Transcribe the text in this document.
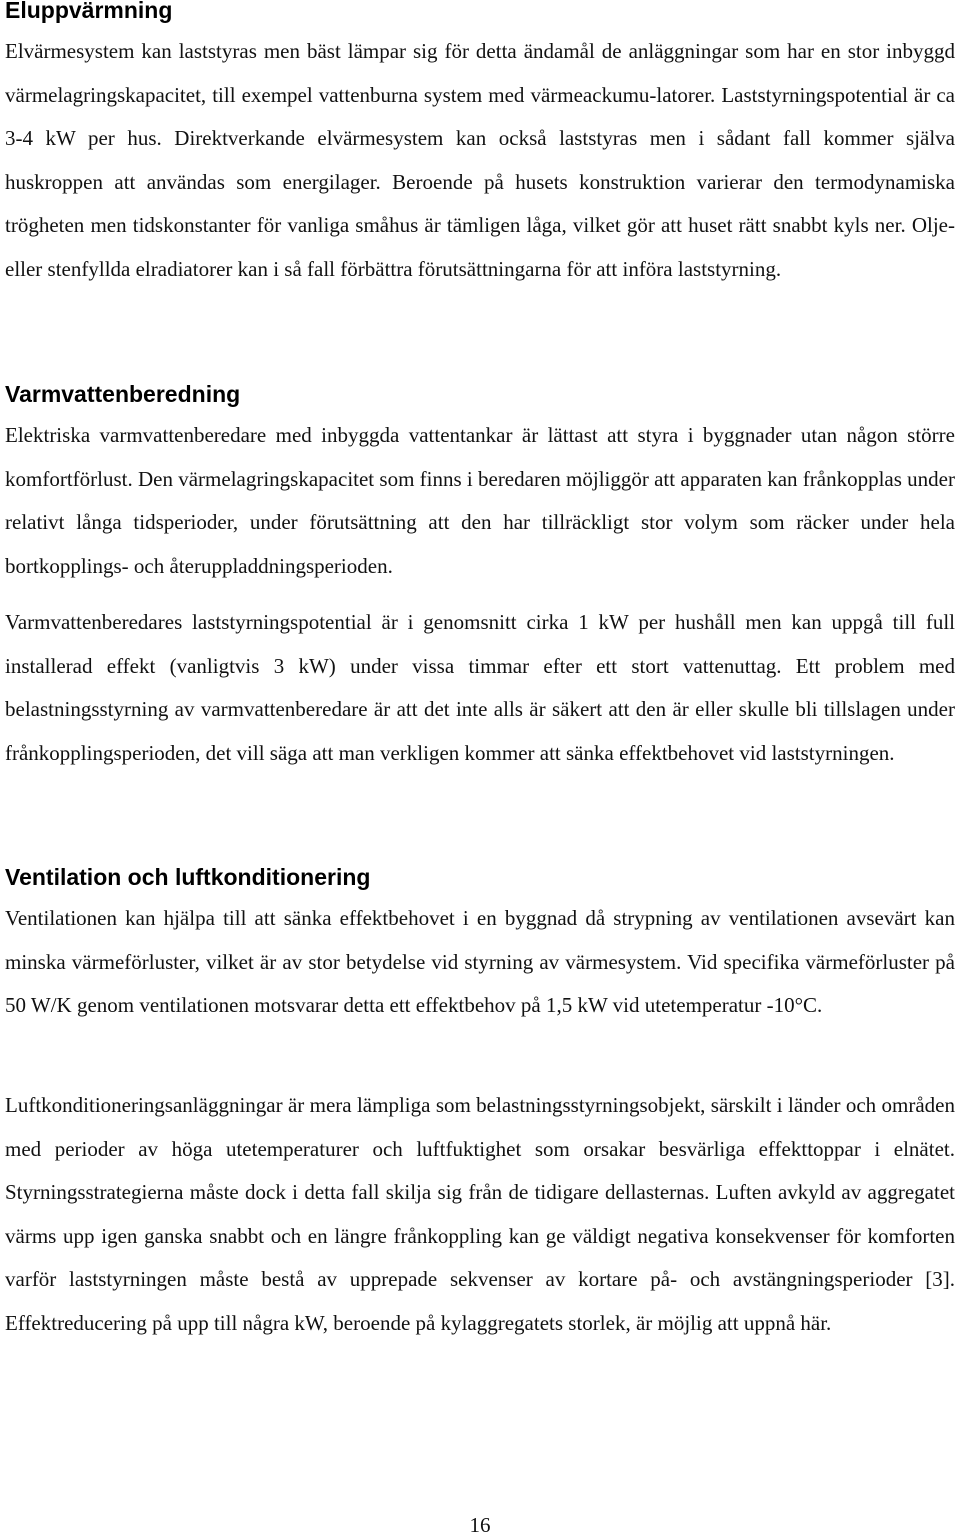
Eluppvärmning

Elvärmesystem kan laststyras men bäst lämpar sig för detta ändamål de anläggningar som har en stor inbyggd värmelagringskapacitet, till exempel vattenburna system med värmeackumu-latorer. Laststyrningspotential är ca 3-4 kW per hus. Direktverkande elvärmesystem kan också laststyras men i sådant fall kommer själva huskroppen att användas som energilager. Beroende på husets konstruktion varierar den termodynamiska trögheten men tidskonstanter för vanliga småhus är tämligen låga, vilket gör att huset rätt snabbt kyls ner. Olje- eller stenfyllda elradiatorer kan i så fall förbättra förutsättningarna för att införa laststyrning.

Varmvattenberedning

Elektriska varmvattenberedare med inbyggda vattentankar är lättast att styra i byggnader utan någon större komfortförlust. Den värmelagringskapacitet som finns i beredaren möjliggör att apparaten kan frånkopplas under relativt långa tidsperioder, under förutsättning att den har tillräckligt stor volym som räcker under hela bortkopplings- och återuppladdningsperioden.

Varmvattenberedares laststyrningspotential är i genomsnitt cirka 1 kW per hushåll men kan uppgå till full installerad effekt (vanligtvis 3 kW) under vissa timmar efter ett stort vattenuttag. Ett problem med belastningsstyrning av varmvattenberedare är att det inte alls är säkert att den är eller skulle bli tillslagen under frånkopplingsperioden, det vill säga att man verkligen kommer att sänka effektbehovet vid laststyrningen.

Ventilation och luftkonditionering

Ventilationen kan hjälpa till att sänka effektbehovet i en byggnad då strypning av ventilationen avsevärt kan minska värmeförluster, vilket är av stor betydelse vid styrning av värmesystem. Vid specifika värmeförluster på 50 W/K genom ventilationen motsvarar detta ett effektbehov på 1,5 kW vid utetemperatur -10°C.

Luftkonditioneringsanläggningar är mera lämpliga som belastningsstyrningsobjekt, särskilt i länder och områden med perioder av höga utetemperaturer och luftfuktighet som orsakar besvärliga effekttoppar i elnätet. Styrningsstrategierna måste dock i detta fall skilja sig från de tidigare dellasternas. Luften avkyld av aggregatet värms upp igen ganska snabbt och en längre frånkoppling kan ge väldigt negativa konsekvenser för komforten varför laststyrningen måste bestå av upprepade sekvenser av kortare på- och avstängningsperioder [3]. Effektreducering på upp till några kW, beroende på kylaggregatets storlek, är möjlig att uppnå här.

16
